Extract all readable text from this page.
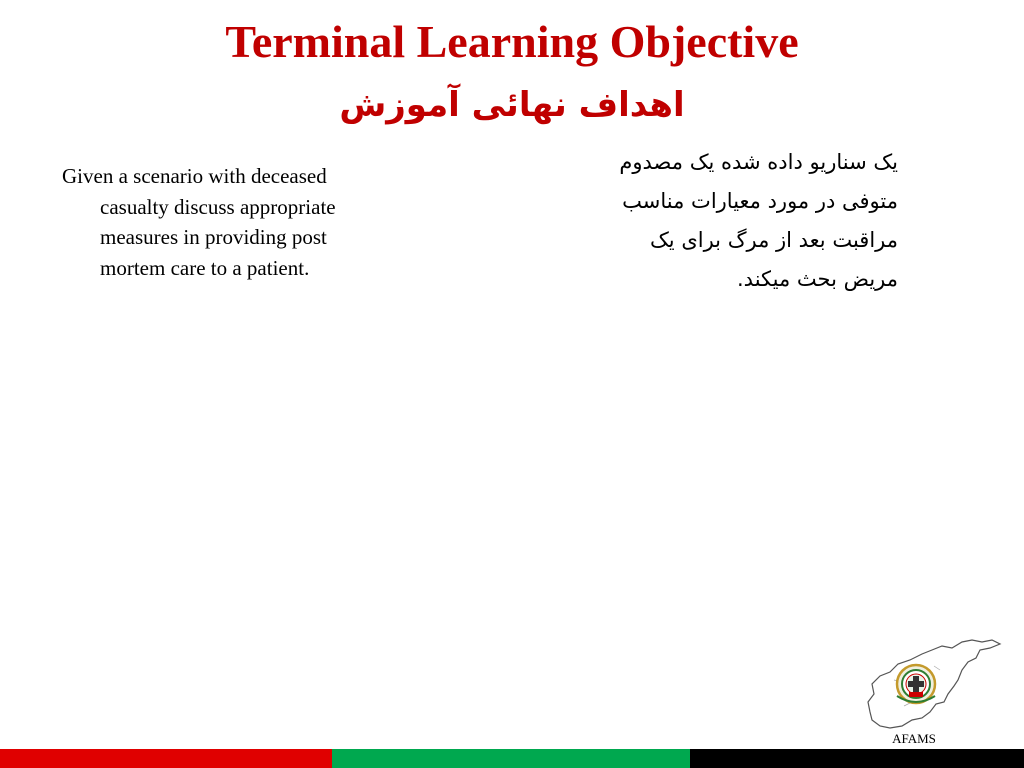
Terminal Learning Objective
اهداف نهائی آموزش

Given a scenario with deceased casualty discuss appropriate measures in providing post mortem care to a patient.

یک سناریو داده شده یک مصدوم متوفی در مورد معیارات مناسب مراقبت بعد از مرگ برای یک مریض بحث میکند.

AFAMS
